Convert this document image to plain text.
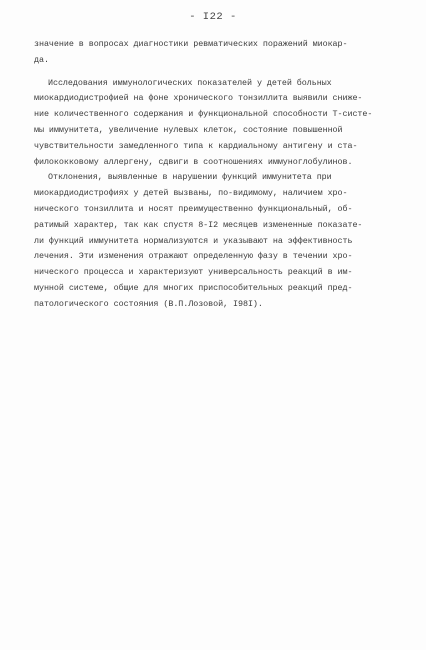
- I22 -
значение в вопросах диагностики ревматических поражений миокар-
да.
Исследования иммунологических показателей у детей больных
миокардиодистрофией на фоне хронического тонзиллита выявили сниже-
ние количественного содержания и функциональной способности Т-систе-
мы иммунитета, увеличение нулевых клеток, состояние повышенной
чувствительности замедленного типа к кардиальному антигену и ста-
филококковому аллергену, сдвиги в соотношениях иммуноглобулинов.
Отклонения, выявленные в нарушении функций иммунитета при
миокардиодистрофиях у детей вызваны, по-видимому, наличием хро-
нического тонзиллита и носят преимущественно функциональный, об-
ратимый характер, так как спустя 8-I2 месяцев измененные показате-
ли функций иммунитета нормализуются и указывают на эффективность
лечения. Эти изменения отражают определенную фазу в течении хро-
нического процесса и характеризуют универсальность реакций в им-
мунной системе, общие для многих приспособительных реакций пред-
патологического состояния (В.П.Лозовой, I98I).
